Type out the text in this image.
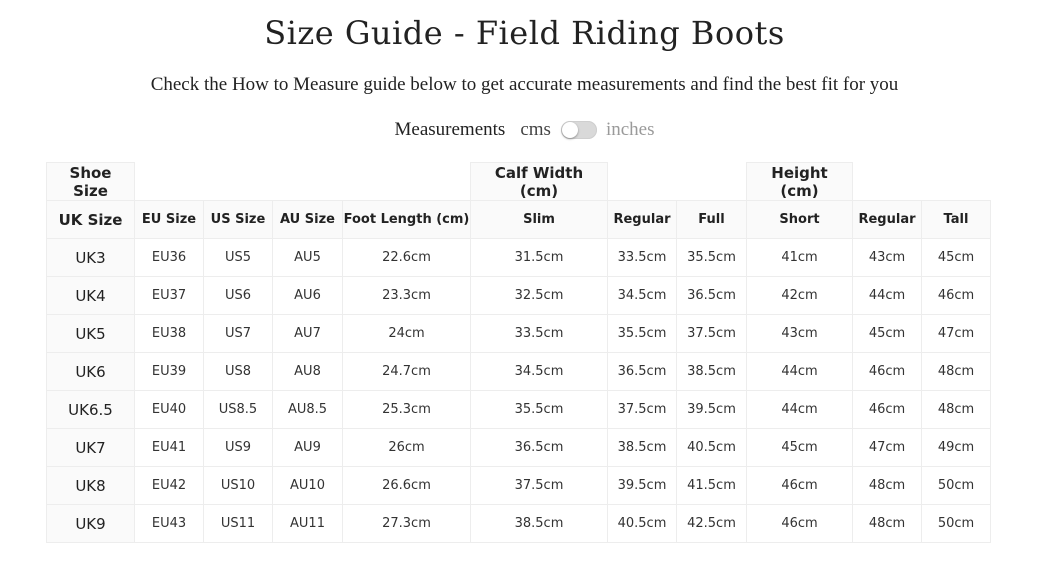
Size Guide - Field Riding Boots
Check the How to Measure guide below to get accurate measurements and find the best fit for you
Measurements cms	inches
Shoe Size					Calf Width (cm)			Height (cm)		
UK Size	EU Size	US Size	AU Size	Foot Length (cm)	Slim	Regular	Full	Short	Regular	Tall
UK3	EU36	US5	AU5	22.6cm	31.5cm	33.5cm	35.5cm	41cm	43cm	45cm
UK4	EU37	US6	AU6	23.3cm	32.5cm	34.5cm	36.5cm	42cm	44cm	46cm
UK5	EU38	US7	AU7	24cm	33.5cm	35.5cm	37.5cm	43cm	45cm	47cm
UK6	EU39	US8	AU8	24.7cm	34.5cm	36.5cm	38.5cm	44cm	46cm	48cm
UK6.5	EU40	US8.5	AU8.5	25.3cm	35.5cm	37.5cm	39.5cm	44cm	46cm	48cm
UK7	EU41	US9	AU9	26cm	36.5cm	38.5cm	40.5cm	45cm	47cm	49cm
UK8	EU42	US10	AU10	26.6cm	37.5cm	39.5cm	41.5cm	46cm	48cm	50cm
UK9	EU43	US11	AU11	27.3cm	38.5cm	40.5cm	42.5cm	46cm	48cm	50cm
